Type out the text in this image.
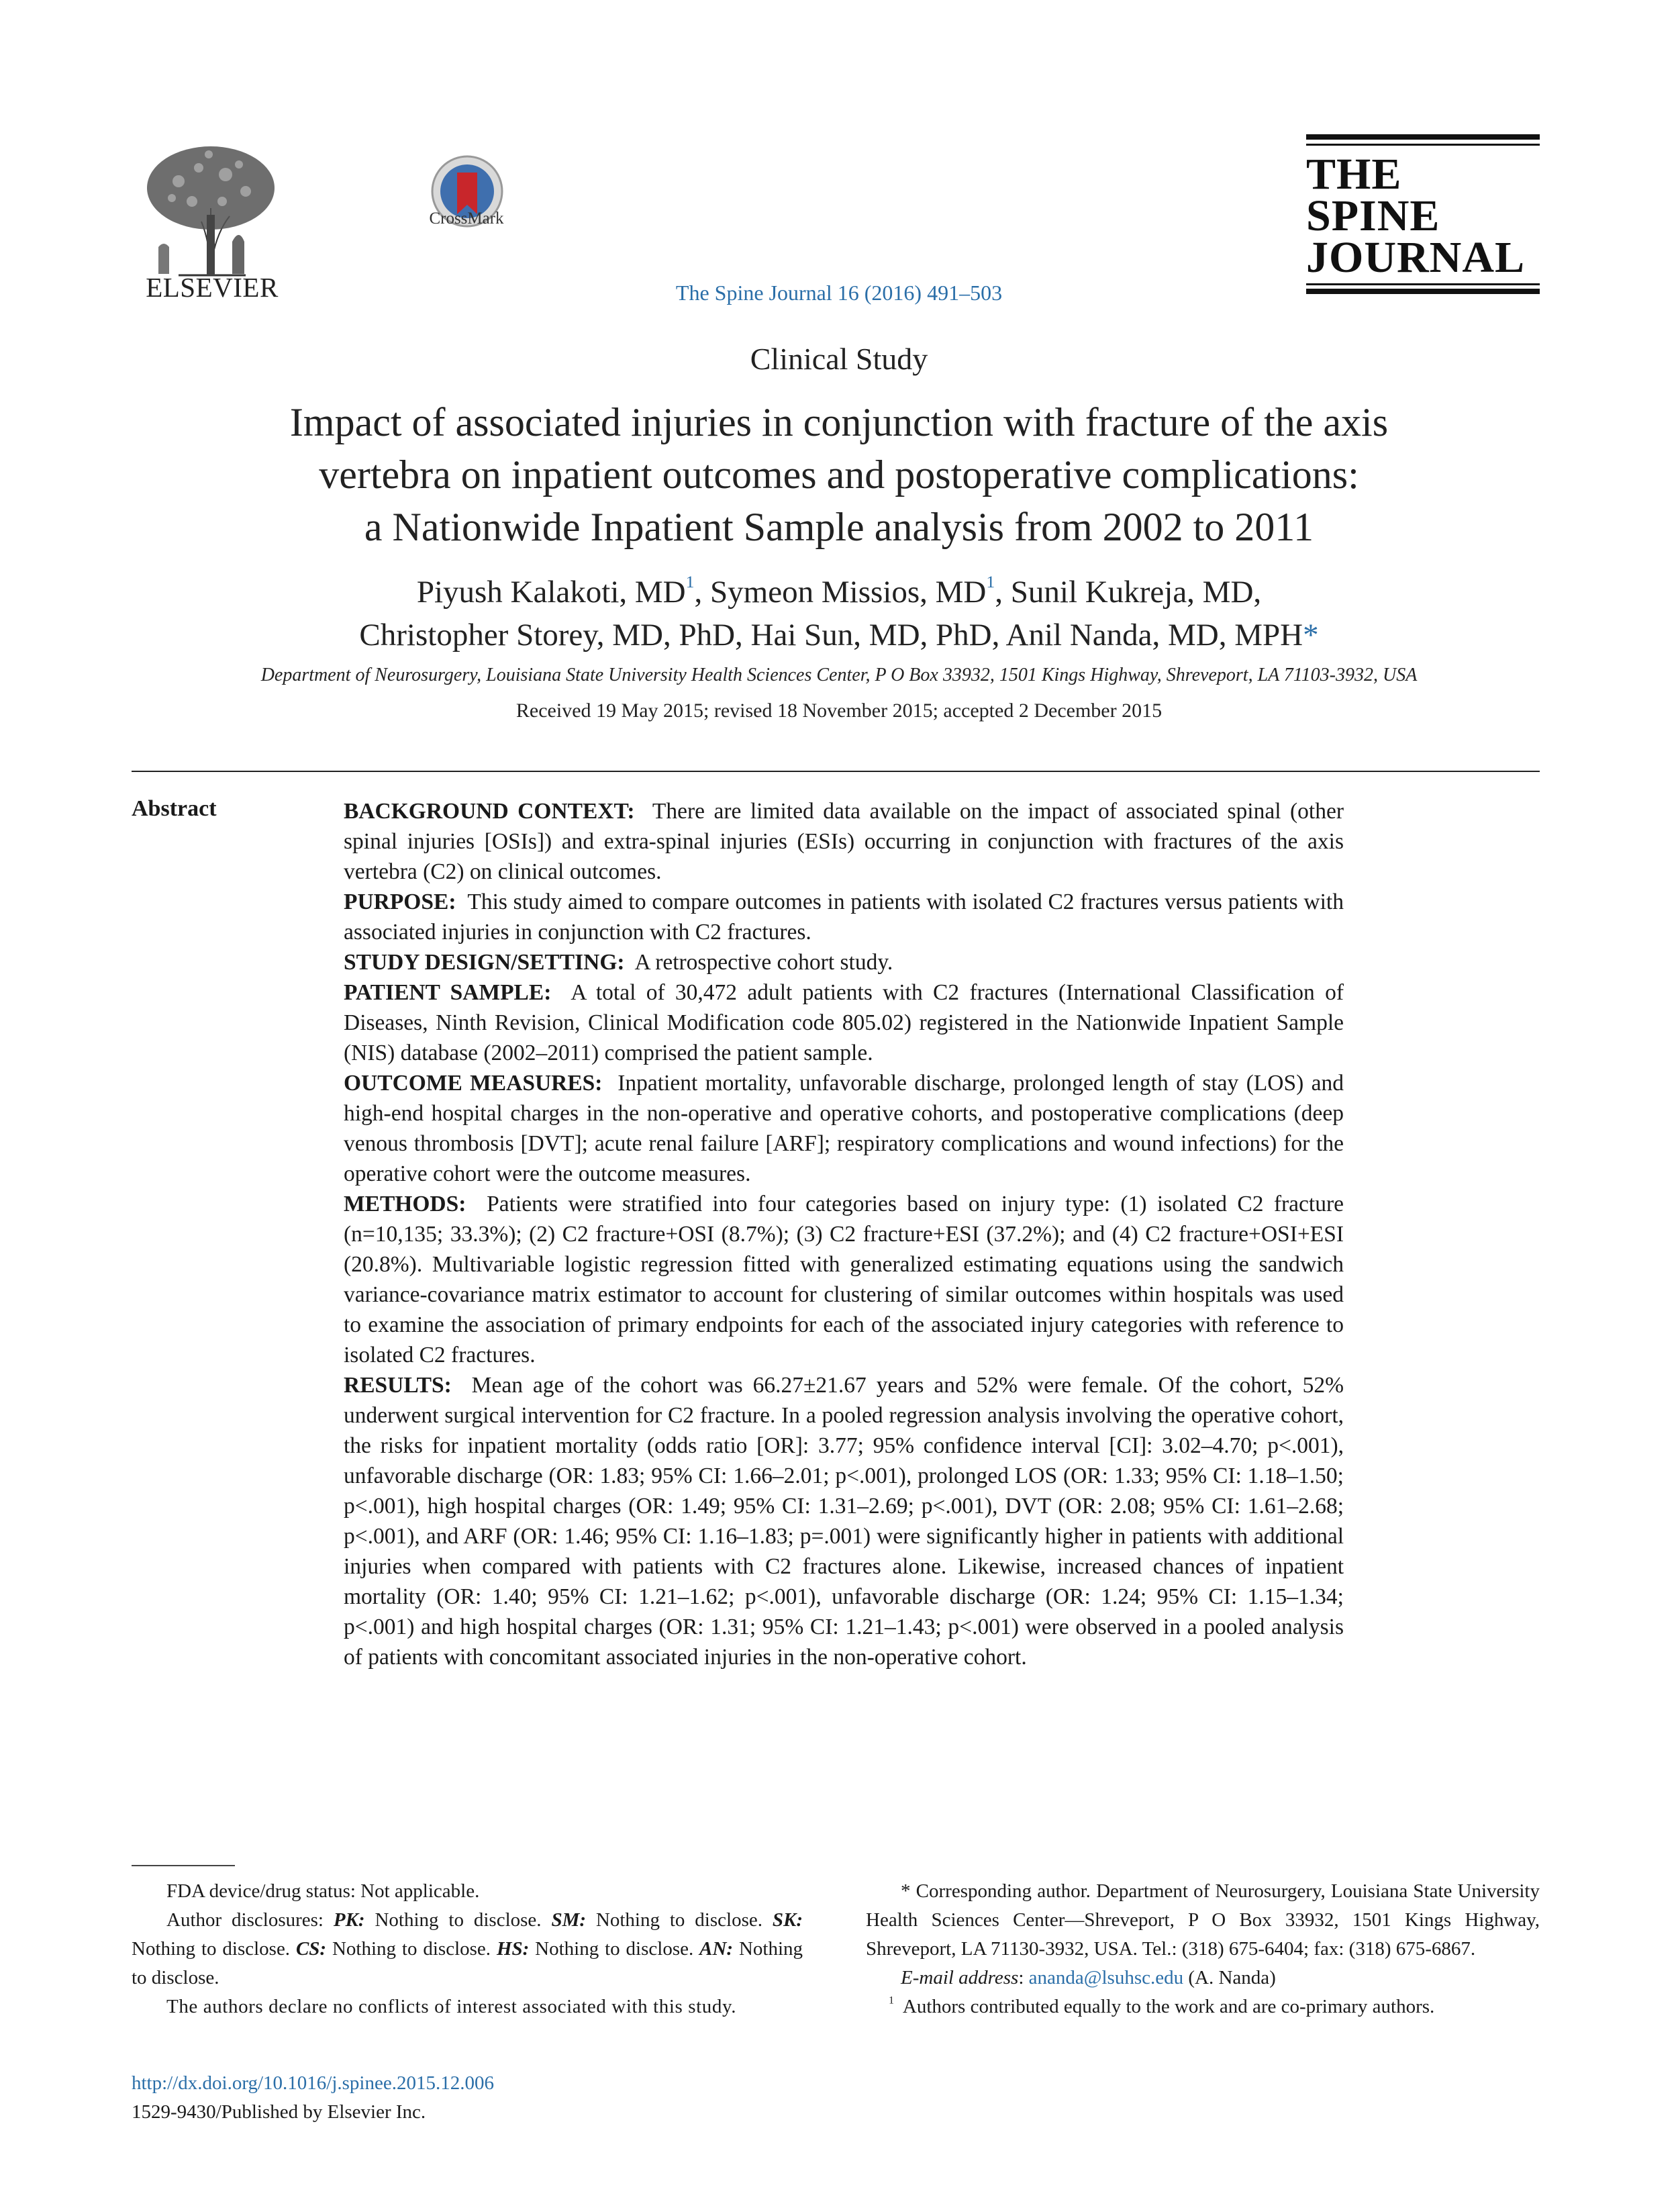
ELSEVIER
CrossMark
The Spine Journal 16 (2016) 491–503
THE
SPINE
JOURNAL
Clinical Study
Impact of associated injuries in conjunction with fracture of the axis
vertebra on inpatient outcomes and postoperative complications:
a Nationwide Inpatient Sample analysis from 2002 to 2011
Piyush Kalakoti, $MD^1$, Symeon Missios, $MD^1$, Sunil Kukreja, MD,
Christopher Storey, MD, PhD, Hai Sun, MD, PhD, Anil Nanda, MD, MPH*
Department of Neurosurgery, Louisiana State University Health Sciences Center, P O Box 33932, 1501 Kings Highway, Shreveport, LA 71103-3932, USA
Received 19 May 2015; revised 18 November 2015; accepted 2 December 2015
Abstract	BACKGROUND CONTEXT: There are limited data available on the impact of associated spinal (other spinal injuries [OSIs]) and extra-spinal injuries (ESIs) occurring in conjunction with fractures of the axis vertebra (C2) on clinical outcomes.

PURPOSE: This study aimed to compare outcomes in patients with isolated C2 fractures versus patients with associated injuries in conjunction with C2 fractures.

STUDY DESIGN/SETTING: A retrospective cohort study.

PATIENT SAMPLE: A total of 30,472 adult patients with C2 fractures (International Classification of Diseases, Ninth Revision, Clinical Modification code 805.02) registered in the Nationwide Inpatient Sample (NIS) database (2002–2011) comprised the patient sample.

OUTCOME MEASURES: Inpatient mortality, unfavorable discharge, prolonged length of stay (LOS) and high-end hospital charges in the non-operative and operative cohorts, and postoperative complications (deep venous thrombosis [DVT]; acute renal failure [ARF]; respiratory complications and wound infections) for the operative cohort were the outcome measures.

METHODS: Patients were stratified into four categories based on injury type: (1) isolated C2 fracture (n=10,135; 33.3%); (2) C2 fracture+OSI (8.7%); (3) C2 fracture+ESI (37.2%); and (4) C2 fracture+OSI+ESI (20.8%). Multivariable logistic regression fitted with generalized estimating equations using the sandwich variance-covariance matrix estimator to account for clustering of similar outcomes within hospitals was used to examine the association of primary endpoints for each of the associated injury categories with reference to isolated C2 fractures.

RESULTS: Mean age of the cohort was 66.27±21.67 years and 52% were female. Of the cohort, 52% underwent surgical intervention for C2 fracture. In a pooled regression analysis involving the operative cohort, the risks for inpatient mortality (odds ratio [OR]: 3.77; 95% confidence interval [CI]: 3.02–4.70; p<.001), unfavorable discharge (OR: 1.83; 95% CI: 1.66–2.01; p<.001), prolonged LOS (OR: 1.33; 95% CI: 1.18–1.50; p<.001), high hospital charges (OR: 1.49; 95% CI: 1.31–2.69; p<.001), DVT (OR: 2.08; 95% CI: 1.61–2.68; p<.001), and ARF (OR: 1.46; 95% CI: 1.16–1.83; p=.001) were significantly higher in patients with additional injuries when compared with patients with C2 fractures alone. Likewise, increased chances of inpatient mortality (OR: 1.40; 95% CI: 1.21–1.62; p<.001), unfavorable discharge (OR: 1.24; 95% CI: 1.15–1.34; p<.001) and high hospital charges (OR: 1.31; 95% CI: 1.21–1.43; p<.001) were observed in a pooled analysis of patients with concomitant associated injuries in the non-operative cohort.

FDA device/drug status: Not applicable.

Author disclosures: PK: Nothing to disclose. SM: Nothing to disclose. SK: Nothing to disclose. CS: Nothing to disclose. HS: Nothing to disclose. AN: Nothing to disclose.

The authors declare no conflicts of interest associated with this study.

* Corresponding author. Department of Neurosurgery, Louisiana State University Health Sciences Center—Shreveport, P O Box 33932, 1501 Kings Highway, Shreveport, LA 71130-3932, USA. Tel.: (318) 675-6404; fax: (318) 675-6867.

E-mail address: ananda@lsuhsc.edu (A. Nanda)

$^1$ Authors contributed equally to the work and are co-primary authors.

http://dx.doi.org/10.1016/j.spinee.2015.12.006
1529-9430/Published by Elsevier Inc.
